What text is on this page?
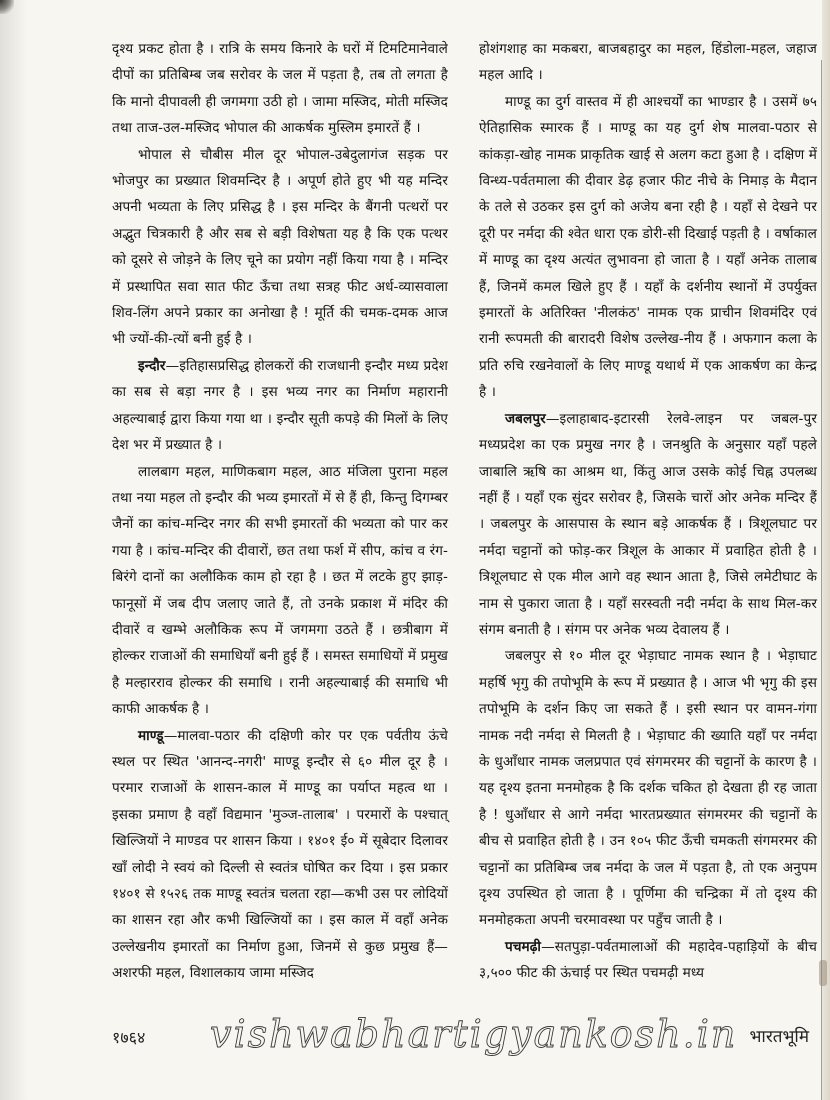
दृश्य प्रकट होता है । रात्रि के समय किनारे के घरों में टिमटिमानेवाले दीपों का प्रतिबिम्ब जब सरोवर के जल में पड़ता है, तब तो लगता है कि मानो दीपावली ही जगमगा उठी हो । जामा मस्जिद, मोती मस्जिद तथा ताज-उल-मस्जिद भोपाल की आकर्षक मुस्लिम इमारतें हैं ।

भोपाल से चौबीस मील दूर भोपाल-उबेदुलागंज सड़क पर भोजपुर का प्रख्यात शिवमन्दिर है । अपूर्ण होते हुए भी यह मन्दिर अपनी भव्यता के लिए प्रसिद्ध है । इस मन्दिर के बैंगनी पत्थरों पर अद्भुत चित्रकारी है और सब से बड़ी विशेषता यह है कि एक पत्थर को दूसरे से जोड़ने के लिए चूने का प्रयोग नहीं किया गया है । मन्दिर में प्रस्थापित सवा सात फीट ऊँचा तथा सत्रह फीट अर्ध-व्यासवाला शिव-लिंग अपने प्रकार का अनोखा है ! मूर्ति की चमक-दमक आज भी ज्यों-की-त्यों बनी हुई है ।

इन्दौर—इतिहासप्रसिद्ध होलकरों की राजधानी इन्दौर मध्य प्रदेश का सब से बड़ा नगर है । इस भव्य नगर का निर्माण महारानी अहल्याबाई द्वारा किया गया था । इन्दौर सूती कपड़े की मिलों के लिए देश भर में प्रख्यात है ।

लालबाग महल, माणिकबाग महल, आठ मंजिला पुराना महल तथा नया महल तो इन्दौर की भव्य इमारतों में से हैं ही, किन्तु दिगम्बर जैनों का कांच-मन्दिर नगर की सभी इमारतों की भव्यता को पार कर गया है । कांच-मन्दिर की दीवारों, छत तथा फर्श में सीप, कांच व रंग-बिरंगे दानों का अलौकिक काम हो रहा है । छत में लटके हुए झाड़-फानूसों में जब दीप जलाए जाते हैं, तो उनके प्रकाश में मंदिर की दीवारें व खम्भे अलौकिक रूप में जगमगा उठते हैं । छत्रीबाग में होल्कर राजाओं की समाधियाँ बनी हुई हैं । समस्त समाधियों में प्रमुख है मल्हारराव होल्कर की समाधि । रानी अहल्याबाई की समाधि भी काफी आकर्षक है ।

माण्डू—मालवा-पठार की दक्षिणी कोर पर एक पर्वतीय ऊंचे स्थल पर स्थित 'आनन्द-नगरी' माण्डू इन्दौर से ६० मील दूर है । परमार राजाओं के शासन-काल में माण्डू का पर्याप्त महत्व था । इसका प्रमाण है वहाँ विद्यमान 'मुञ्ज-तालाब' । परमारों के पश्चात् खिल्जियों ने माण्डव पर शासन किया । १४०१ ई० में सूबेदार दिलावर खाँ लोदी ने स्वयं को दिल्ली से स्वतंत्र घोषित कर दिया । इस प्रकार १४०१ से १५२६ तक माण्डू स्वतंत्र चलता रहा—कभी उस पर लोदियों का शासन रहा और कभी खिल्जियों का । इस काल में वहाँ अनेक उल्लेखनीय इमारतों का निर्माण हुआ, जिनमें से कुछ प्रमुख हैं—अशरफी महल, विशालकाय जामा मस्जिद

होशंगशाह का मकबरा, बाजबहादुर का महल, हिंडोला-महल, जहाज महल आदि ।

माण्डू का दुर्ग वास्तव में ही आश्चर्यों का भाण्डार है । उसमें ७५ ऐतिहासिक स्मारक हैं । माण्डू का यह दुर्ग शेष मालवा-पठार से कांकड़ा-खोह नामक प्राकृतिक खाई से अलग कटा हुआ है । दक्षिण में विन्ध्य-पर्वतमाला की दीवार डेढ़ हजार फीट नीचे के निमाड़ के मैदान के तले से उठकर इस दुर्ग को अजेय बना रही है । यहाँ से देखने पर दूरी पर नर्मदा की श्वेत धारा एक डोरी-सी दिखाई पड़ती है । वर्षाकाल में माण्डू का दृश्य अत्यंत लुभावना हो जाता है । यहाँ अनेक तालाब हैं, जिनमें कमल खिले हुए हैं । यहाँ के दर्शनीय स्थानों में उपर्युक्त इमारतों के अतिरिक्त 'नीलकंठ' नामक एक प्राचीन शिवमंदिर एवं रानी रूपमती की बारादरी विशेष उल्लेख-नीय हैं । अफगान कला के प्रति रुचि रखनेवालों के लिए माण्डू यथार्थ में एक आकर्षण का केन्द्र है ।

जबलपुर—इलाहाबाद-इटारसी रेलवे-लाइन पर जबल-पुर मध्यप्रदेश का एक प्रमुख नगर है । जनश्रुति के अनुसार यहाँ पहले जाबालि ऋषि का आश्रम था, किंतु आज उसके कोई चिह्न उपलब्ध नहीं हैं । यहाँ एक सुंदर सरोवर है, जिसके चारों ओर अनेक मन्दिर हैं । जबलपुर के आसपास के स्थान बड़े आकर्षक हैं । त्रिशूलघाट पर नर्मदा चट्टानों को फोड़-कर त्रिशूल के आकार में प्रवाहित होती है । त्रिशूलघाट से एक मील आगे वह स्थान आता है, जिसे लमेटीघाट के नाम से पुकारा जाता है । यहाँ सरस्वती नदी नर्मदा के साथ मिल-कर संगम बनाती है । संगम पर अनेक भव्य देवालय हैं ।

जबलपुर से १० मील दूर भेड़ाघाट नामक स्थान है । भेड़ाघाट महर्षि भृगु की तपोभूमि के रूप में प्रख्यात है । आज भी भृगु की इस तपोभूमि के दर्शन किए जा सकते हैं । इसी स्थान पर वामन-गंगा नामक नदी नर्मदा से मिलती है । भेड़ाघाट की ख्याति यहाँ पर नर्मदा के धुआँधार नामक जलप्रपात एवं संगमरमर की चट्टानों के कारण है । यह दृश्य इतना मनमोहक है कि दर्शक चकित हो देखता ही रह जाता है ! धुआँधार से आगे नर्मदा भारतप्रख्यात संगमरमर की चट्टानों के बीच से प्रवाहित होती है । उन १०५ फीट ऊँची चमकती संगमरमर की चट्टानों का प्रतिबिम्ब जब नर्मदा के जल में पड़ता है, तो एक अनुपम दृश्य उपस्थित हो जाता है । पूर्णिमा की चन्द्रिका में तो दृश्य की मनमोहकता अपनी चरमावस्था पर पहुँच जाती है ।

पचमढ़ी—सतपुड़ा-पर्वतमालाओं की महादेव-पहाड़ियों के बीच ३,५०० फीट की ऊंचाई पर स्थित पचमढ़ी मध्य

१७६४ vishwabhartigyankosh.in भारतभूमि
